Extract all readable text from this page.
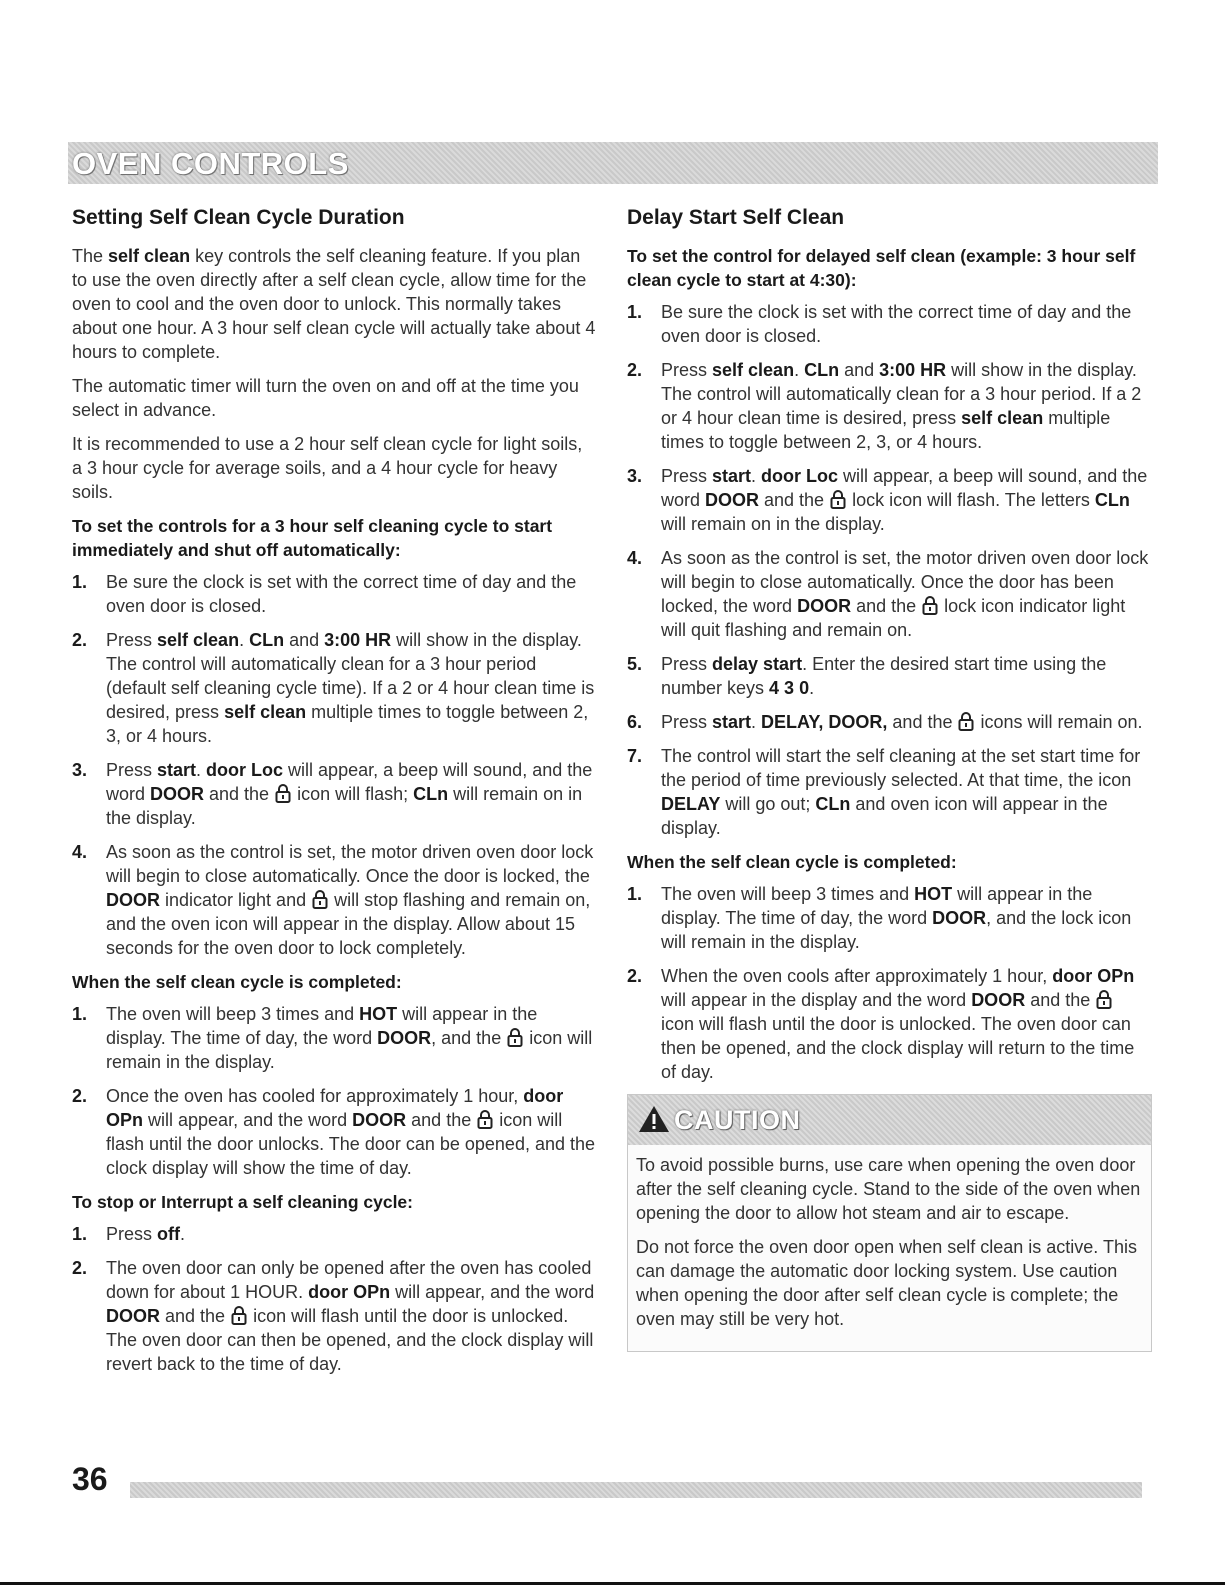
OVEN CONTROLS
Setting Self Clean Cycle Duration

The self clean key controls the self cleaning feature. If you plan to use the oven directly after a self clean cycle, allow time for the oven to cool and the oven door to unlock. This normally takes about one hour. A 3 hour self clean cycle will actually take about 4 hours to complete.

The automatic timer will turn the oven on and off at the time you select in advance.

It is recommended to use a 2 hour self clean cycle for light soils, a 3 hour cycle for average soils, and a 4 hour cycle for heavy soils.

To set the controls for a 3 hour self cleaning cycle to start immediately and shut off automatically:

1. Be sure the clock is set with the correct time of day and the oven door is closed.
2. Press self clean. CLn and 3:00 HR will show in the display. The control will automatically clean for a 3 hour period (default self cleaning cycle time). If a 2 or 4 hour clean time is desired, press self clean multiple times to toggle between 2, 3, or 4 hours.
3. Press start. door Loc will appear, a beep will sound, and the word DOOR and the  icon will flash; CLn will remain on in the display.
4. As soon as the control is set, the motor driven oven door lock will begin to close automatically. Once the door is locked, the DOOR indicator light and  will stop flashing and remain on, and the oven icon will appear in the display. Allow about 15 seconds for the oven door to lock completely.

When the self clean cycle is completed:

1. The oven will beep 3 times and HOT will appear in the display. The time of day, the word DOOR, and the  icon will remain in the display.
2. Once the oven has cooled for approximately 1 hour, door OPn will appear, and the word DOOR and the  icon will flash until the door unlocks. The door can be opened, and the clock display will show the time of day.

To stop or Interrupt a self cleaning cycle:

1. Press off.
2. The oven door can only be opened after the oven has cooled down for about 1 HOUR. door OPn will appear, and the word DOOR and the  icon will flash until the door is unlocked. The oven door can then be opened, and the clock display will revert back to the time of day.
Delay Start Self Clean

To set the control for delayed self clean (example: 3 hour self clean cycle to start at 4:30):

1. Be sure the clock is set with the correct time of day and the oven door is closed.
2. Press self clean. CLn and 3:00 HR will show in the display. The control will automatically clean for a 3 hour period. If a 2 or 4 hour clean time is desired, press self clean multiple times to toggle between 2, 3, or 4 hours.
3. Press start. door Loc will appear, a beep will sound, and the word DOOR and the  lock icon will flash. The letters CLn will remain on in the display.
4. As soon as the control is set, the motor driven oven door lock will begin to close automatically. Once the door has been locked, the word DOOR and the  lock icon indicator light will quit flashing and remain on.
5. Press delay start. Enter the desired start time using the number keys 4 3 0.
6. Press start. DELAY, DOOR, and the  icons will remain on.
7. The control will start the self cleaning at the set start time for the period of time previously selected. At that time, the icon DELAY will go out; CLn and oven icon will appear in the display.

When the self clean cycle is completed:

1. The oven will beep 3 times and HOT will appear in the display. The time of day, the word DOOR, and the lock icon will remain in the display.
2. When the oven cools after approximately 1 hour, door OPn will appear in the display and the word DOOR and the  icon will flash until the door is unlocked. The oven door can then be opened, and the clock display will return to the time of day.
CAUTION

To avoid possible burns, use care when opening the oven door after the self cleaning cycle. Stand to the side of the oven when opening the door to allow hot steam and air to escape.

Do not force the oven door open when self clean is active. This can damage the automatic door locking system. Use caution when opening the door after self clean cycle is complete; the oven may still be very hot.

36
